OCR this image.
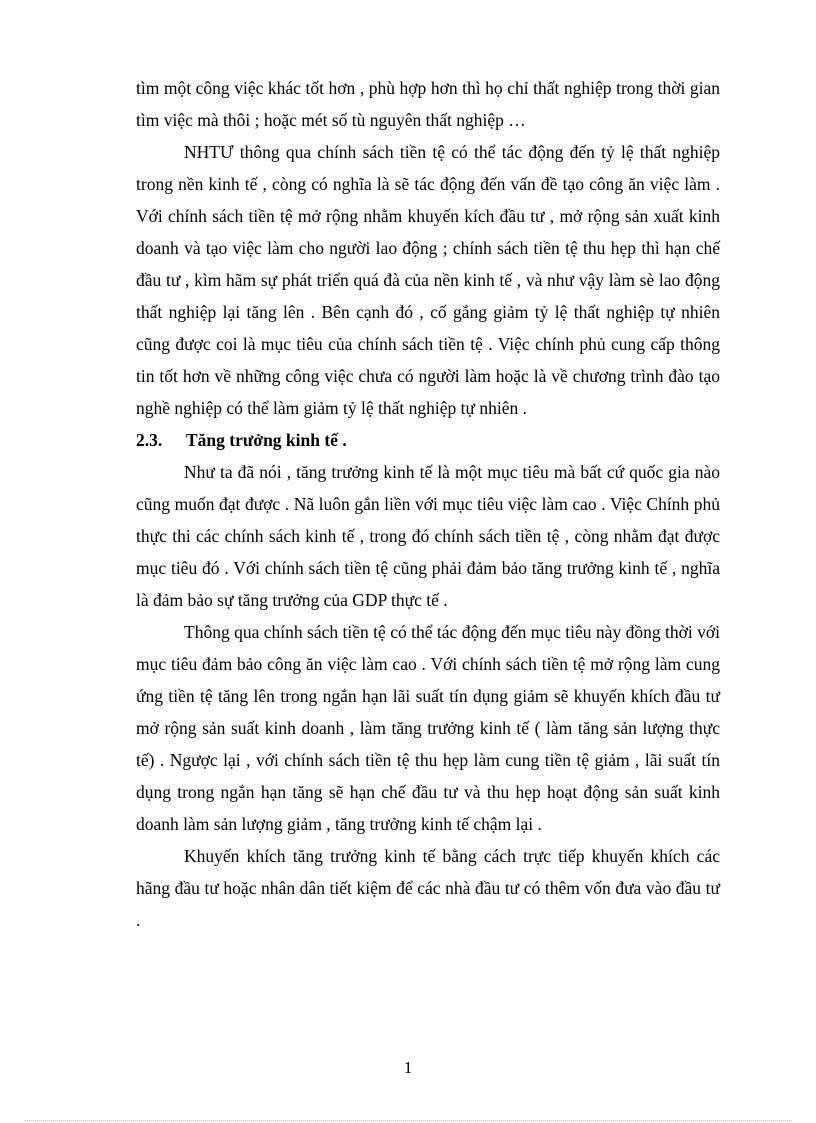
tìm một công việc khác tốt hơn , phù hợp hơn thì họ chỉ thất nghiệp trong thời gian tìm việc mà thôi ; hoặc mét số tù nguyên thất nghiệp …

NHTƯ thông qua chính sách tiền tệ có thể tác động đến tỷ lệ thất nghiệp trong nền kinh tế , còng có nghĩa là sẽ tác động đến vấn đề tạo công ăn việc làm . Với chính sách tiền tệ mở rộng nhằm khuyến kích đầu tư , mở rộng sản xuất kinh doanh và tạo việc làm cho người lao động ; chính sách tiền tệ thu hẹp thì hạn chế đầu tư , kìm hãm sự phát triển quá đà của nền kinh tế , và như vậy làm sè lao động thất nghiệp lại tăng lên . Bên cạnh đó , cố gắng giảm tỷ lệ thất nghiệp tự nhiên cũng được coi là mục tiêu của chính sách tiền tệ . Việc chính phủ cung cấp thông tin tốt hơn về những công việc chưa có người làm hoặc là về chương trình đào tạo nghề nghiệp có thể làm giảm tỷ lệ thất nghiệp tự nhiên .

2.3.	Tăng trưởng kinh tế .

Như ta đã nói , tăng trưởng kinh tế là một mục tiêu mà bất cứ quốc gia nào cũng muốn đạt được . Nã luôn gắn liền với mục tiêu việc làm cao . Việc Chính phủ thực thi các chính sách kinh tế , trong đó chính sách tiền tệ , còng nhằm đạt được mục tiêu đó . Với chính sách tiền tệ cũng phải đảm bảo tăng trưởng kinh tế , nghĩa là đảm bảo sự tăng trưởng của GDP thực tế .

Thông qua chính sách tiền tệ có thể tác động đến mục tiêu này đồng thời với mục tiêu đảm bảo công ăn việc làm cao . Với chính sách tiền tệ mở rộng làm cung ứng tiền tệ tăng lên trong ngắn hạn lãi suất tín dụng giảm sẽ khuyến khích đầu tư mở rộng sản suất kinh doanh , làm tăng trưởng kinh tế ( làm tăng sản lượng thực tế) . Ngược lại , với chính sách tiền tệ thu hẹp làm cung tiền tệ giảm , lãi suất tín dụng trong ngắn hạn tăng sẽ hạn chế đầu tư và thu hẹp hoạt động sản suất kinh doanh làm sản lượng giảm , tăng trưởng kinh tế chậm lại .

Khuyến khích tăng trưởng kinh tế bằng cách trực tiếp khuyến khích các hãng đầu tư hoặc nhân dân tiết kiệm để các nhà đầu tư có thêm vốn đưa vào đầu tư .

1
